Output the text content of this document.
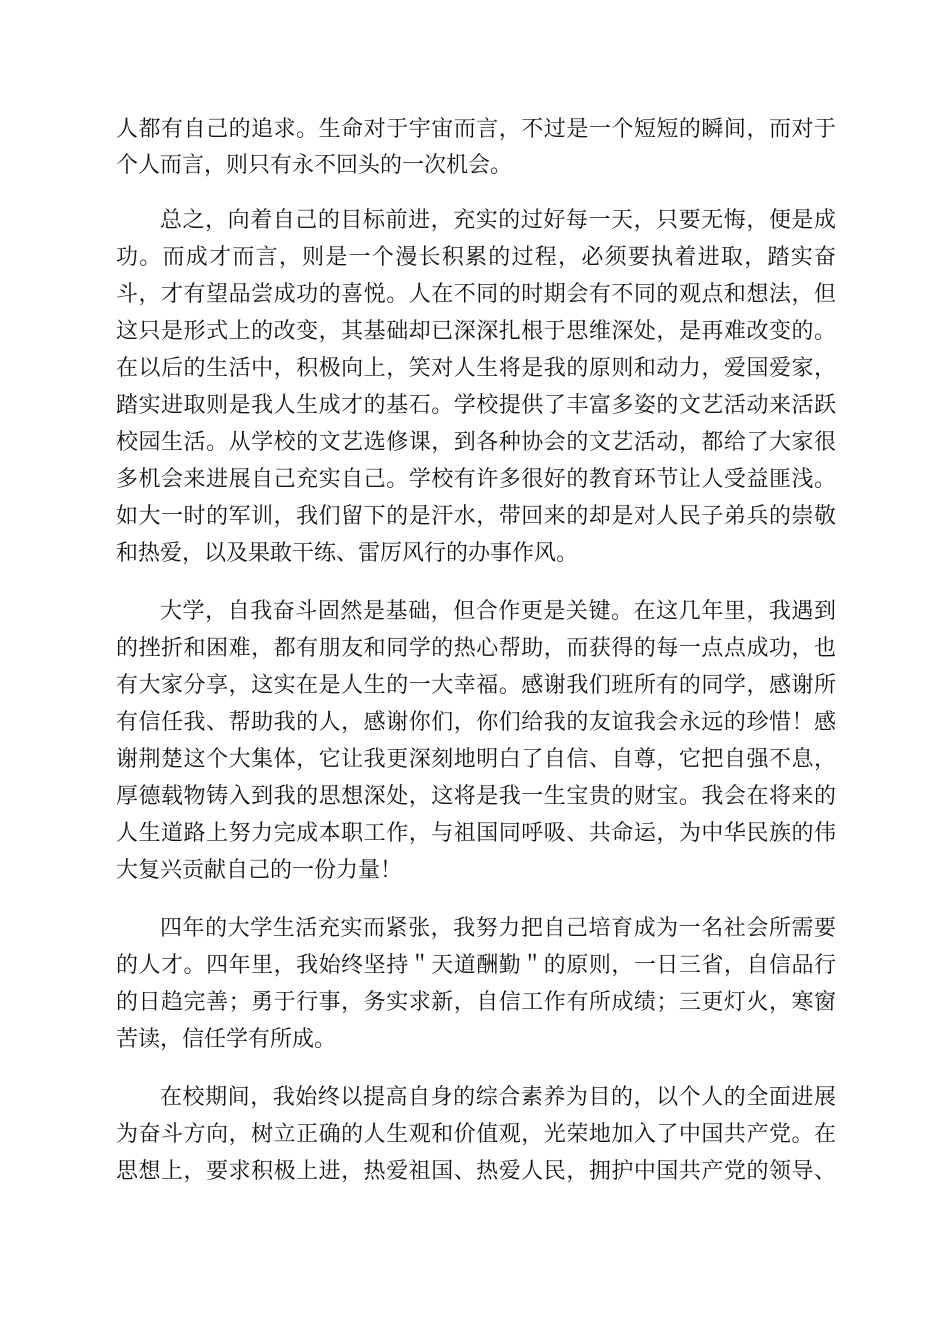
人都有自己的追求。生命对于宇宙而言，不过是一个短短的瞬间，而对于
个人而言，则只有永不回头的一次机会。
总之，向着自己的目标前进，充实的过好每一天，只要无悔，便是成
功。而成才而言，则是一个漫长积累的过程，必须要执着进取，踏实奋
斗，才有望品尝成功的喜悦。人在不同的时期会有不同的观点和想法，但
这只是形式上的改变，其基础却已深深扎根于思维深处，是再难改变的。
在以后的生活中，积极向上，笑对人生将是我的原则和动力，爱国爱家，
踏实进取则是我人生成才的基石。学校提供了丰富多姿的文艺活动来活跃
校园生活。从学校的文艺选修课，到各种协会的文艺活动，都给了大家很
多机会来进展自己充实自己。学校有许多很好的教育环节让人受益匪浅。
如大一时的军训，我们留下的是汗水，带回来的却是对人民子弟兵的崇敬
和热爱，以及果敢干练、雷厉风行的办事作风。
大学，自我奋斗固然是基础，但合作更是关键。在这几年里，我遇到
的挫折和困难，都有朋友和同学的热心帮助，而获得的每一点点成功，也
有大家分享，这实在是人生的一大幸福。感谢我们班所有的同学，感谢所
有信任我、帮助我的人，感谢你们，你们给我的友谊我会永远的珍惜！感
谢荆楚这个大集体，它让我更深刻地明白了自信、自尊，它把自强不息，
厚德载物铸入到我的思想深处，这将是我一生宝贵的财宝。我会在将来的
人生道路上努力完成本职工作，与祖国同呼吸、共命运，为中华民族的伟
大复兴贡献自己的一份力量！
四年的大学生活充实而紧张，我努力把自己培育成为一名社会所需要
的人才。四年里，我始终坚持＂天道酬勤＂的原则，一日三省，自信品行
的日趋完善；勇于行事，务实求新，自信工作有所成绩；三更灯火，寒窗
苦读，信任学有所成。
在校期间，我始终以提高自身的综合素养为目的，以个人的全面进展
为奋斗方向，树立正确的人生观和价值观，光荣地加入了中国共产党。在
思想上，要求积极上进，热爱祖国、热爱人民，拥护中国共产党的领导、
